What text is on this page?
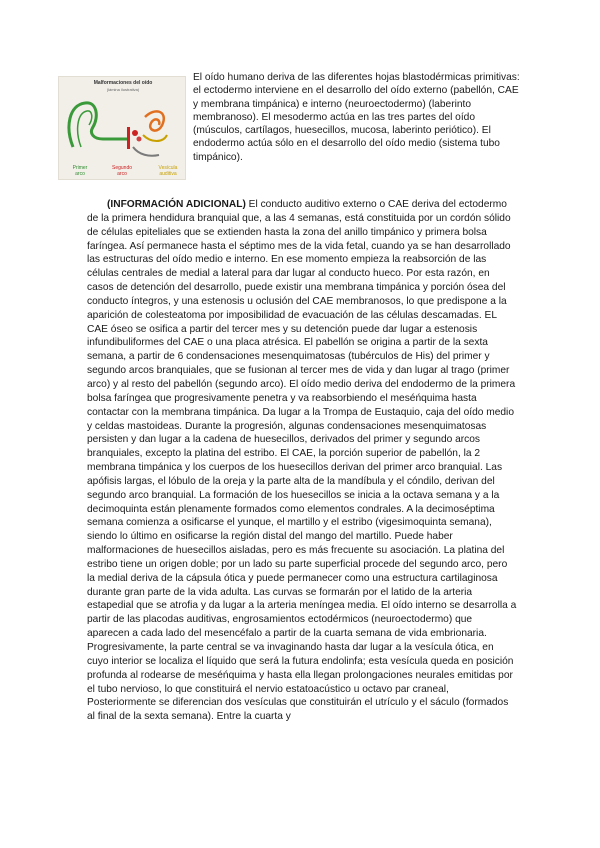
Malformaciones del oído
(lámina ilustrativa)
Primer
arco
Segundo
arco
Vesícula
auditiva

El oído humano deriva de las diferentes hojas blastodérmicas primitivas: el ectodermo interviene en el desarrollo del oído externo (pabellón, CAE y membrana timpánica) e interno (neuroectodermo) (laberinto membranoso). El mesodermo actúa en las tres partes del oído (músculos, cartílagos, huesecillos, mucosa, laberinto periótico). El endodermo actúa sólo en el desarrollo del oído medio (sistema tubo timpánico).

(INFORMACIÓN ADICIONAL) El conducto auditivo externo o CAE deriva del ectodermo de la primera hendidura branquial que, a las 4 semanas, está constituida por un cordón sólido de células epiteliales que se extienden hasta la zona del anillo timpánico y primera bolsa faríngea. Así permanece hasta el séptimo mes de la vida fetal, cuando ya se han desarrollado las estructuras del oído medio e interno. En ese momento empieza la reabsorción de las células centrales de medial a lateral para dar lugar al conducto hueco. Por esta razón, en casos de detención del desarrollo, puede existir una membrana timpánica y porción ósea del conducto íntegros, y una estenosis u oclusión del CAE membranosos, lo que predispone a la aparición de colesteatoma por imposibilidad de evacuación de las células descamadas. EL CAE óseo se osifica a partir del tercer mes y su detención puede dar lugar a estenosis infundibuliformes del CAE o una placa atrésica. El pabellón se origina a partir de la sexta semana, a partir de 6 condensaciones mesenquimatosas (tubérculos de His) del primer y segundo arcos branquiales, que se fusionan al tercer mes de vida y dan lugar al trago (primer arco) y al resto del pabellón (segundo arco). El oído medio deriva del endodermo de la primera bolsa faríngea que progresivamente penetra y va reabsorbiendo el meséńquima hasta contactar con la membrana timpánica. Da lugar a la Trompa de Eustaquio, caja del oído medio y celdas mastoideas. Durante la progresión, algunas condensaciones mesenquimatosas persisten y dan lugar a la cadena de huesecillos, derivados del primer y segundo arcos branquiales, excepto la platina del estribo. El CAE, la porción superior de pabellón, la 2 membrana timpánica y los cuerpos de los huesecillos derivan del primer arco branquial. Las apófisis largas, el lóbulo de la oreja y la parte alta de la mandíbula y el cóndilo, derivan del segundo arco branquial. La formación de los huesecillos se inicia a la octava semana y a la decimoquinta están plenamente formados como elementos condrales. A la decimoséptima semana comienza a osificarse el yunque, el martillo y el estribo (vigesimoquinta semana), siendo lo último en osificarse la región distal del mango del martillo. Puede haber malformaciones de huesecillos aisladas, pero es más frecuente su asociación. La platina del estribo tiene un origen doble; por un lado su parte superficial procede del segundo arco, pero la medial deriva de la cápsula ótica y puede permanecer como una estructura cartilaginosa durante gran parte de la vida adulta. Las curvas se formarán por el latido de la arteria estapedial que se atrofia y da lugar a la arteria meníngea media. El oído interno se desarrolla a partir de las placodas auditivas, engrosamientos ectodérmicos (neuroectodermo) que aparecen a cada lado del mesencéfalo a partir de la cuarta semana de vida embrionaria. Progresivamente, la parte central se va invaginando hasta dar lugar a la vesícula ótica, en cuyo interior se localiza el líquido que será la futura endolinfa; esta vesícula queda en posición profunda al rodearse de meséńquima y hasta ella llegan prolongaciones neurales emitidas por el tubo nervioso, lo que constituirá el nervio estatoacústico u octavo par craneal, Posteriormente se diferencian dos vesículas que constituirán el utrículo y el sáculo (formados al final de la sexta semana). Entre la cuarta y
